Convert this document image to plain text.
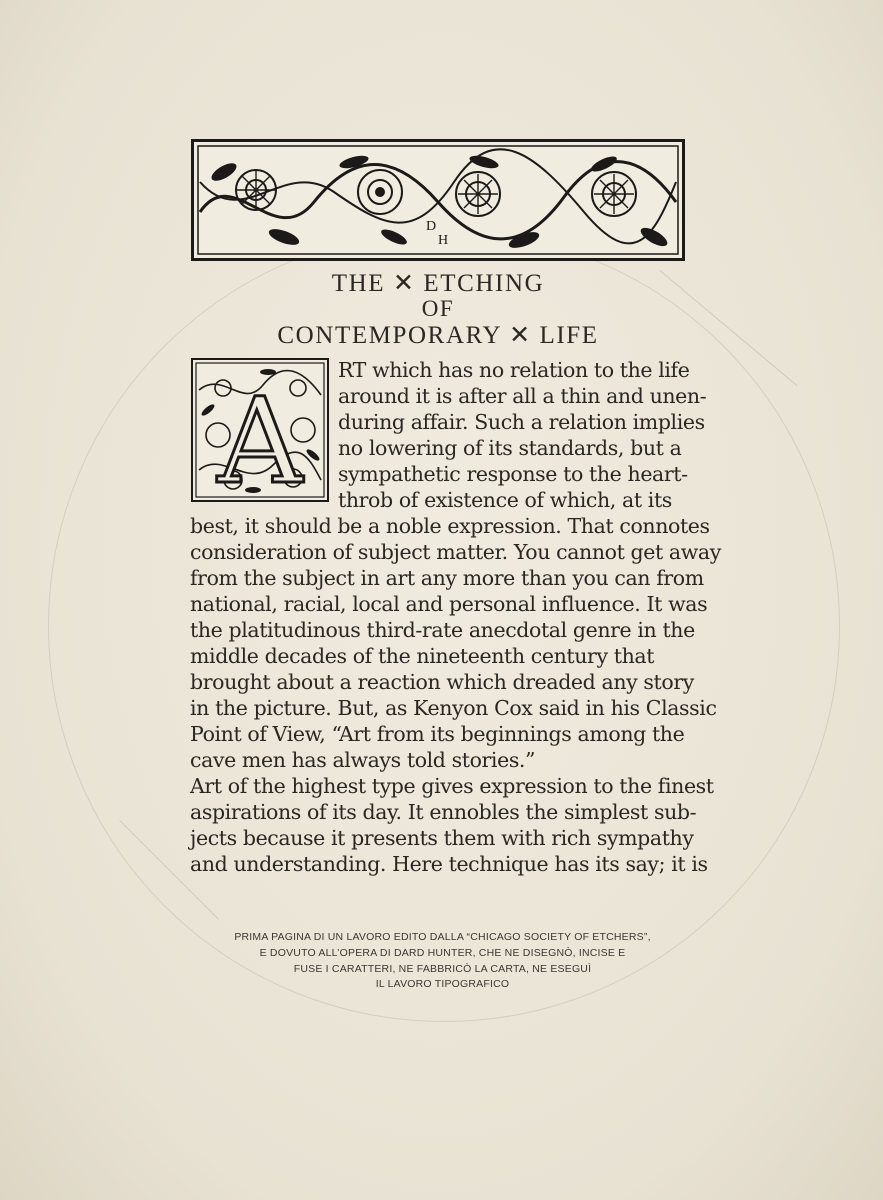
D
H
THE ✕ ETCHING
OF
CONTEMPORARY ✕ LIFE
A
RT which has no relation to the life
around it is after all a thin and unen-
during affair. Such a relation implies
no lowering of its standards, but a
sympathetic response to the heart-
throb of existence of which, at its
best, it should be a noble expression. That connotes
consideration of subject matter. You cannot get away
from the subject in art any more than you can from
national, racial, local and personal influence. It was
the platitudinous third-rate anecdotal genre in the
middle decades of the nineteenth century that
brought about a reaction which dreaded any story
in the picture. But, as Kenyon Cox said in his Classic
Point of View, “Art from its beginnings among the
cave men has always told stories.”
Art of the highest type gives expression to the finest
aspirations of its day. It ennobles the simplest sub-
jects because it presents them with rich sympathy
and understanding. Here technique has its say; it is
PRIMA PAGINA DI UN LAVORO EDITO DALLA “CHICAGO SOCIETY OF ETCHERS”,
E DOVUTO ALL’OPERA DI DARD HUNTER, CHE NE DISEGNÒ, INCISE E
FUSE I CARATTERI, NE FABBRICÒ LA CARTA, NE ESEGUÌ
IL LAVORO TIPOGRAFICO
